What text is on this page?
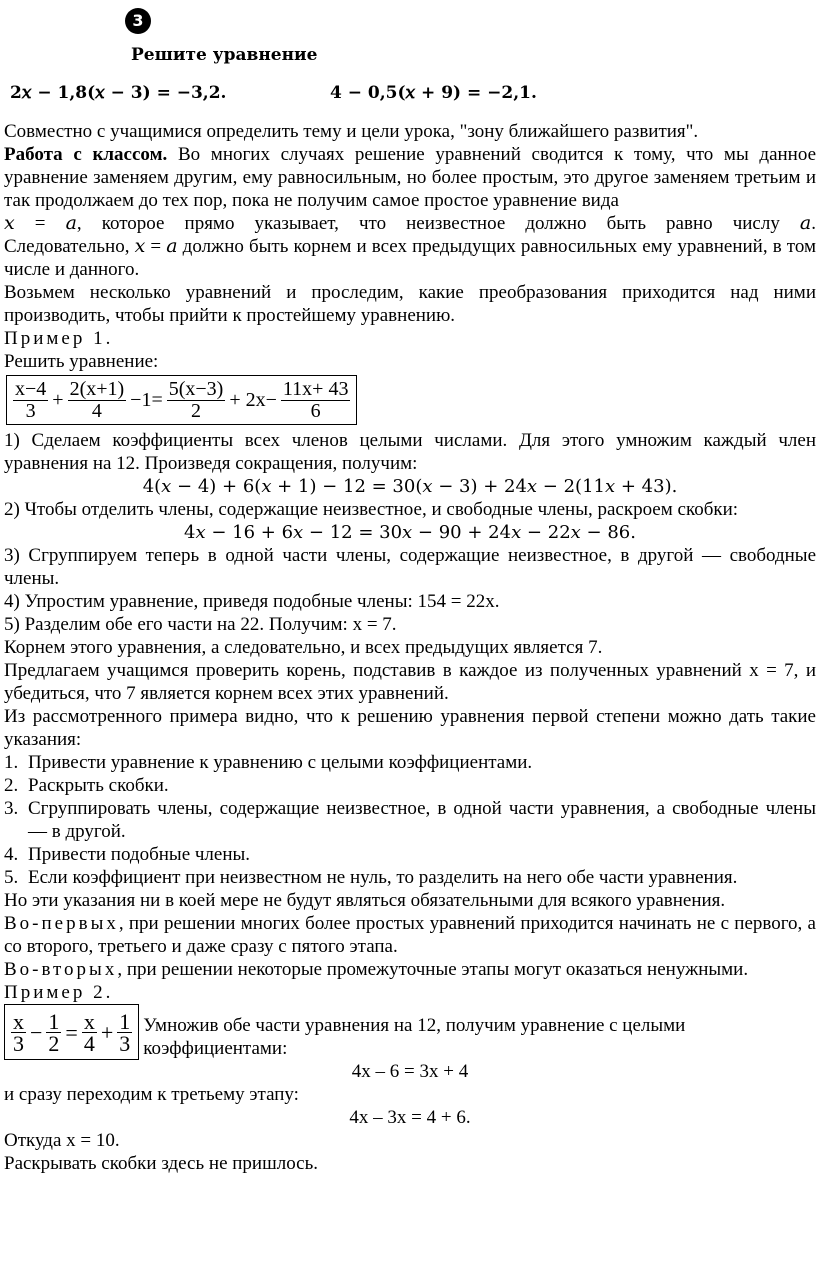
3
Решите уравнение
2𝑥 − 1,8(𝑥 − 3) = −3,2.	4 − 0,5(𝑥 + 9) = −2,1.

Совместно с учащимися определить тему и цели урока, "зону ближайшего развития".

Работа с классом. Во многих случаях решение уравнений сводится к тому, что мы данное уравнение заменяем другим, ему равносильным, но более простым, это другое заменяем третьим и так продолжаем до тех пор, пока не получим самое простое уравнение вида

𝑥 = 𝑎, которое прямо указывает, что неизвестное должно быть равно числу 𝑎.

Следовательно, 𝑥 = 𝑎 должно быть корнем и всех предыдущих равносильных ему уравнений, в том числе и данного.

Возьмем несколько уравнений и проследим, какие преобразования приходится над ними производить, чтобы прийти к простейшему уравнению.

Пример 1.

Решить уравнение:

$\frac{x-4}{3} + \frac{2(x+1)}{4} -1= \frac{5(x-3)}{2} + 2x- \frac{11x+ 43}{6}$

1) Сделаем коэффициенты всех членов целыми числами. Для этого умножим каждый член уравнения на 12. Произведя сокращения, получим:

4(𝑥 − 4) + 6(𝑥 + 1) − 12 = 30(𝑥 − 3) + 24𝑥 − 2(11𝑥 + 43).

2) Чтобы отделить члены, содержащие неизвестное, и свободные члены, раскроем скобки:

4𝑥 − 16 + 6𝑥 − 12 = 30𝑥 − 90 + 24𝑥 − 22𝑥 − 86.

3) Сгруппируем теперь в одной части члены, содержащие неизвестное, в другой — свободные члены.

4) Упростим уравнение, приведя подобные члены: 154 = 22x.

5) Разделим обе его части на 22. Получим: x = 7.

Корнем этого уравнения, а следовательно, и всех предыдущих является 7.

Предлагаем учащимся проверить корень, подставив в каждое из полученных уравнений x = 7, и убедиться, что 7 является корнем всех этих уравнений.

Из рассмотренного примера видно, что к решению уравнения первой степени можно дать такие указания:

1. Привести уравнение к уравнению с целыми коэффициентами.
2. Раскрыть скобки.
3. Сгруппировать члены, содержащие неизвестное, в одной части уравнения, а свободные члены — в другой.
4. Привести подобные члены.
5. Если коэффициент при неизвестном не нуль, то разделить на него обе части уравнения.

Но эти указания ни в коей мере не будут являться обязательными для всякого уравнения.

Во-первых, при решении многих более простых уравнений приходится начинать не с первого, а со второго, третьего и даже сразу с пятого этапа.

Во-вторых, при решении некоторые промежуточные этапы могут оказаться ненужными.

Пример 2.

$\frac{x}{3} - \frac{1}{2} = \frac{x}{4} + \frac{1}{3}$ Умножив обе части уравнения на 12, получим уравнение с целыми коэффициентами:

4x – 6 = 3x + 4

и сразу переходим к третьему этапу:

4x – 3x = 4 + 6.

Откуда x = 10.

Раскрывать скобки здесь не пришлось.
